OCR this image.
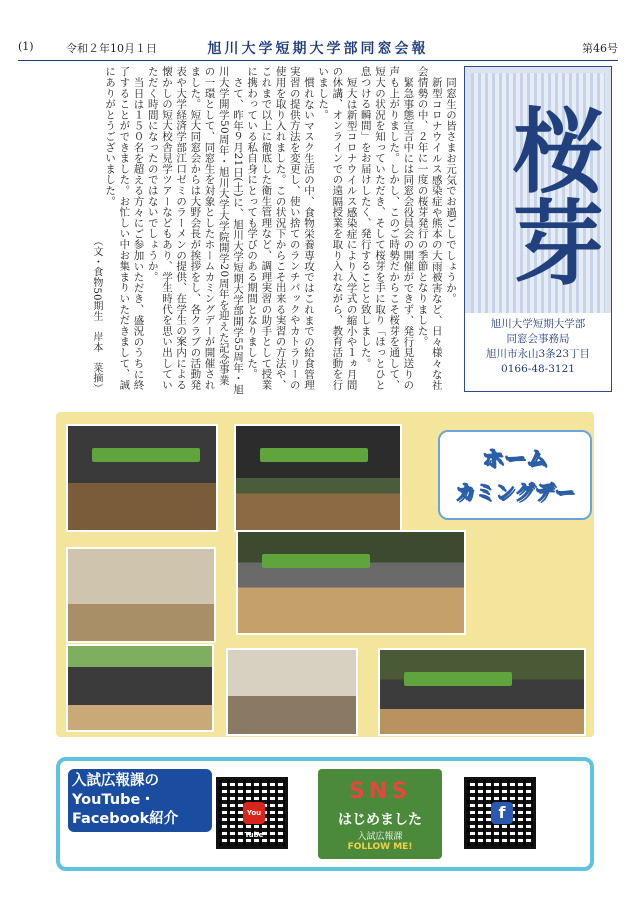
(1)	令和２年10月１日	旭川大学短期大学部同窓会報	第46号

同窓生の皆さまお元気でお過ごしでしょうか。

新型コロナウイルス感染症や熊本の大雨被害など、日々様々な社会情勢の中、２年に一度の桜芽発行の季節となりました。

緊急事態宣言中には同窓会役員会の開催ができず、発行見送りの声も上がりました。しかし、このご時勢だからこそ桜芽を通して、短大の状況を知っていただき、そして桜芽を手に取り「ほっとひと息つける瞬間」をお届けしたく、発行することと致しました。

短大は新型コロナウイルス感染症により入学式の縮小や１ヵ月間の休講、オンラインでの遠隔授業を取り入れながら、教育活動を行いました。

慣れないマスク生活の中、食物栄養専攻ではこれまでの給食管理実習の提供方法を変更し、使い捨てのランチパックやカトラリーの使用を取り入れました。この状況下からこそ出来る実習の方法や、これまで以上に徹底した衛生管理など、調理実習の助手として授業に携わっている私自身にとっても学びのある期間となりました。

さて、昨年９月21日(土)に、旭川大学短期大学部開学55周年・旭川大学開学50周年・旭川大学大学院開学20周年を迎えた記念事業の一環として、同窓生を対象としたホームカミングデーが開催されました。短大同窓会からは大野会長が挨拶をし、各クラブの活動発表や大学経済学部江口ゼミのラーメンの提供、在学生の案内による懐かしの短大校舎見学ツアーなどもあり、学生時代を思い出していただく時間になったのではないでしょうか。

当日は１５０名を超える方々にご参加いただき、盛況のうちに終了することができました。お忙しい中お集まりいただきまして、誠にありがとうございました。

（文・食物50期生　岸本　菜摘）

桜芽
旭川大学短期大学部
同窓会事務局
旭川市永山3条23丁目
0166-48-3121
ホーム
カミングデー
入試広報課のYouTube・Facebook紹介	You Tube
SNS
はじめました
入試広報課
FOLLOW ME!
f
